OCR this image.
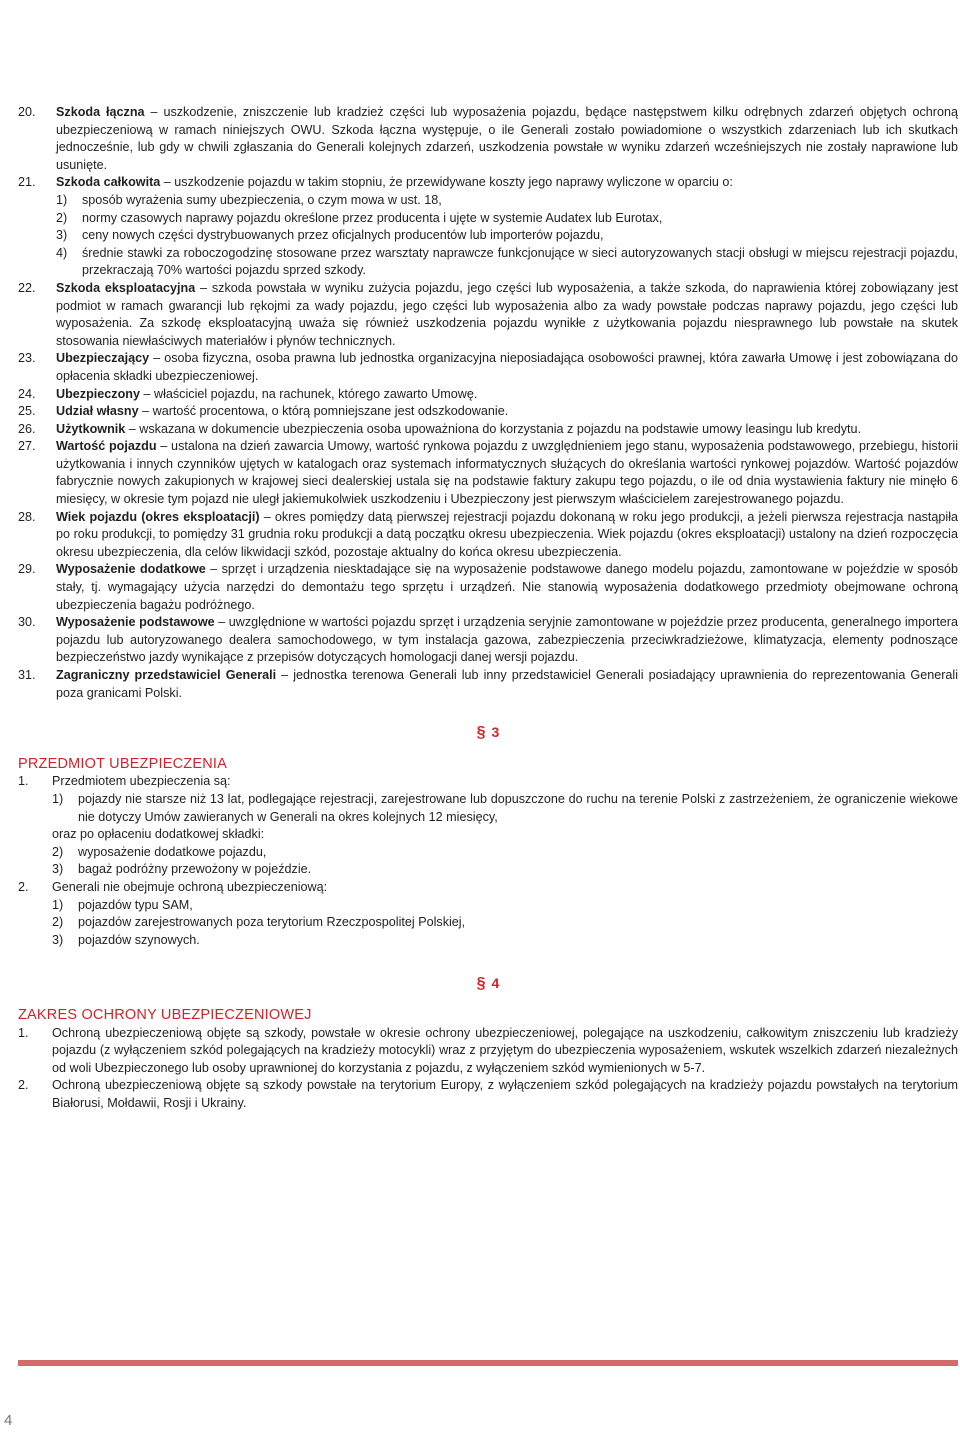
20.	Szkoda łączna – uszkodzenie, zniszczenie lub kradzież części lub wyposażenia pojazdu, będące następstwem kilku odrębnych zdarzeń objętych ochroną ubezpieczeniową w ramach niniejszych OWU. Szkoda łączna występuje, o ile Generali zostało powiadomione o wszystkich zdarzeniach lub ich skutkach jednocześnie, lub gdy w chwili zgłaszania do Generali kolejnych zdarzeń, uszkodzenia powstałe w wyniku zdarzeń wcześniejszych nie zostały naprawione lub usunięte.

21.	Szkoda całkowita – uszkodzenie pojazdu w takim stopniu, że przewidywane koszty jego naprawy wyliczone w oparciu o:

1)	sposób wyrażenia sumy ubezpieczenia, o czym mowa w ust. 18,
2)	normy czasowych naprawy pojazdu określone przez producenta i ujęte w systemie Audatex lub Eurotax,
3)	ceny nowych części dystrybuowanych przez oficjalnych producentów lub importerów pojazdu,
4)	średnie stawki za roboczogodzinę stosowane przez warsztaty naprawcze funkcjonujące w sieci autoryzowanych stacji obsługi w miejscu rejestracji pojazdu, przekraczają 70% wartości pojazdu sprzed szkody.
22.	Szkoda eksploatacyjna – szkoda powstała w wyniku zużycia pojazdu, jego części lub wyposażenia, a także szkoda, do naprawienia której zobowiązany jest podmiot w ramach gwarancji lub rękojmi za wady pojazdu, jego części lub wyposażenia albo za wady powstałe podczas naprawy pojazdu, jego części lub wyposażenia. Za szkodę eksploatacyjną uważa się również uszkodzenia pojazdu wynikłe z użytkowania pojazdu niesprawnego lub powstałe na skutek stosowania niewłaściwych materiałów i płynów technicznych.

23.	Ubezpieczający – osoba fizyczna, osoba prawna lub jednostka organizacyjna nieposiadająca osobowości prawnej, która zawarła Umowę i jest zobowiązana do opłacenia składki ubezpieczeniowej.

24.	Ubezpieczony – właściciel pojazdu, na rachunek, którego zawarto Umowę.

25.	Udział własny – wartość procentowa, o którą pomniejszane jest odszkodowanie.

26.	Użytkownik – wskazana w dokumencie ubezpieczenia osoba upoważniona do korzystania z pojazdu na podstawie umowy leasingu lub kredytu.

27.	Wartość pojazdu – ustalona na dzień zawarcia Umowy, wartość rynkowa pojazdu z uwzględnieniem jego stanu, wyposażenia podstawowego, przebiegu, historii użytkowania i innych czynników ujętych w katalogach oraz systemach informatycznych służących do określania wartości rynkowej pojazdów. Wartość pojazdów fabrycznie nowych zakupionych w krajowej sieci dealerskiej ustala się na podstawie faktury zakupu tego pojazdu, o ile od dnia wystawienia faktury nie minęło 6 miesięcy, w okresie tym pojazd nie uległ jakiemukolwiek uszkodzeniu i Ubezpieczony jest pierwszym właścicielem zarejestrowanego pojazdu.

28.	Wiek pojazdu (okres eksploatacji) – okres pomiędzy datą pierwszej rejestracji pojazdu dokonaną w roku jego produkcji, a jeżeli pierwsza rejestracja nastąpiła po roku produkcji, to pomiędzy 31 grudnia roku produkcji a datą początku okresu ubezpieczenia. Wiek pojazdu (okres eksploatacji) ustalony na dzień rozpoczęcia okresu ubezpieczenia, dla celów likwidacji szkód, pozostaje aktualny do końca okresu ubezpieczenia.

29.	Wyposażenie dodatkowe – sprzęt i urządzenia niesktadające się na wyposażenie podstawowe danego modelu pojazdu, zamontowane w pojeździe w sposób stały, tj. wymagający użycia narzędzi do demontażu tego sprzętu i urządzeń. Nie stanowią wyposażenia dodatkowego przedmioty obejmowane ochroną ubezpieczenia bagażu podróżnego.

30.	Wyposażenie podstawowe – uwzględnione w wartości pojazdu sprzęt i urządzenia seryjnie zamontowane w pojeździe przez producenta, generalnego importera pojazdu lub autoryzowanego dealera samochodowego, w tym instalacja gazowa, zabezpieczenia przeciwkradzieżowe, klimatyzacja, elementy podnoszące bezpieczeństwo jazdy wynikające z przepisów dotyczących homologacji danej wersji pojazdu.

31.	Zagraniczny przedstawiciel Generali – jednostka terenowa Generali lub inny przedstawiciel Generali posiadający uprawnienia do reprezentowania Generali poza granicami Polski.

§ 3
PRZEDMIOT UBEZPIECZENIA
1.	Przedmiotem ubezpieczenia są:
1)	pojazdy nie starsze niż 13 lat, podlegające rejestracji, zarejestrowane lub dopuszczone do ruchu na terenie Polski z zastrzeżeniem, że ograniczenie wiekowe nie dotyczy Umów zawieranych w Generali na okres kolejnych 12 miesięcy,
oraz po opłaceniu dodatkowej składki:
2)	wyposażenie dodatkowe pojazdu,
3)	bagaż podróżny przewożony w pojeździe.
2.	Generali nie obejmuje ochroną ubezpieczeniową:
1)	pojazdów typu SAM,
2)	pojazdów zarejestrowanych poza terytorium Rzeczpospolitej Polskiej,
3)	pojazdów szynowych.
§ 4
ZAKRES OCHRONY UBEZPIECZENIOWEJ
1.	Ochroną ubezpieczeniową objęte są szkody, powstałe w okresie ochrony ubezpieczeniowej, polegające na uszkodzeniu, całkowitym zniszczeniu lub kradzieży pojazdu (z wyłączeniem szkód polegających na kradzieży motocykli) wraz z przyjętym do ubezpieczenia wyposażeniem, wskutek wszelkich zdarzeń niezależnych od woli Ubezpieczonego lub osoby uprawnionej do korzystania z pojazdu, z wyłączeniem szkód wymienionych w 5-7.
2.	Ochroną ubezpieczeniową objęte są szkody powstałe na terytorium Europy, z wyłączeniem szkód polegających na kradzieży pojazdu powstałych na terytorium Białorusi, Mołdawii, Rosji i Ukrainy.
4
